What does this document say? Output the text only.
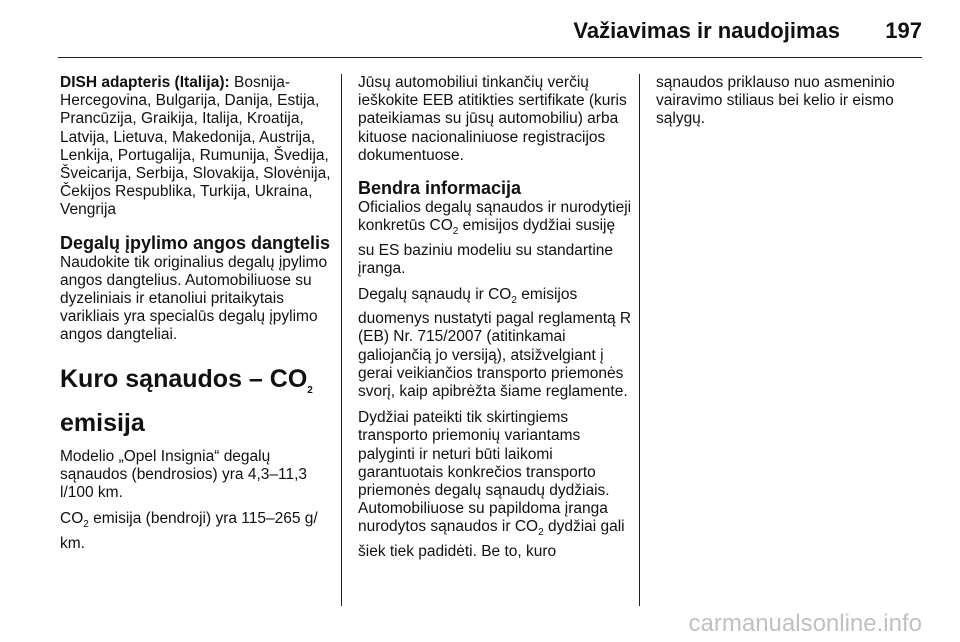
Važiavimas ir naudojimas 197

DISH adapteris (Italija): Bosnija-Hercegovina, Bulgarija, Danija, Estija, Prancūzija, Graikija, Italija, Kroatija, Latvija, Lietuva, Makedonija, Austrija, Lenkija, Portugalija, Rumunija, Švedija, Šveicarija, Serbija, Slovakija, Slovėnija, Čekijos Respublika, Turkija, Ukraina, Vengrija

Degalų įpylimo angos dangtelis

Naudokite tik originalius degalų įpylimo angos dangtelius. Automobiliuose su dyzeliniais ir etanoliui pritaikytais varikliais yra specialūs degalų įpylimo angos dangteliai.

Kuro sąnaudos – $CO_2$
emisija

Modelio „Opel Insignia“ degalų sąnaudos (bendrosios) yra 4,3–11,3 l/100 km.

$CO_2$ emisija (bendroji) yra 115–265 g/ km.

Jūsų automobiliui tinkančių verčių ieškokite EEB atitikties sertifikate (kuris pateikiamas su jūsų automobiliu) arba kituose nacionaliniuose registracijos dokumentuose.

Bendra informacija

Oficialios degalų sąnaudos ir nurodytieji konkretūs $CO_2$ emisijos dydžiai susiję su ES baziniu modeliu su standartine įranga.

Degalų sąnaudų ir $CO_2$ emisijos duomenys nustatyti pagal reglamentą R (EB) Nr. 715/2007 (atitinkamai galiojančią jo versiją), atsižvelgiant į gerai veikiančios transporto priemonės svorį, kaip apibrėžta šiame reglamente.

Dydžiai pateikti tik skirtingiems transporto priemonių variantams palyginti ir neturi būti laikomi garantuotais konkrečios transporto priemonės degalų sąnaudų dydžiais. Automobiliuose su papildoma įranga nurodytos sąnaudos ir $CO_2$ dydžiai gali šiek tiek padidėti. Be to, kuro

sąnaudos priklauso nuo asmeninio vairavimo stiliaus bei kelio ir eismo sąlygų.

carmanualsonline.info
